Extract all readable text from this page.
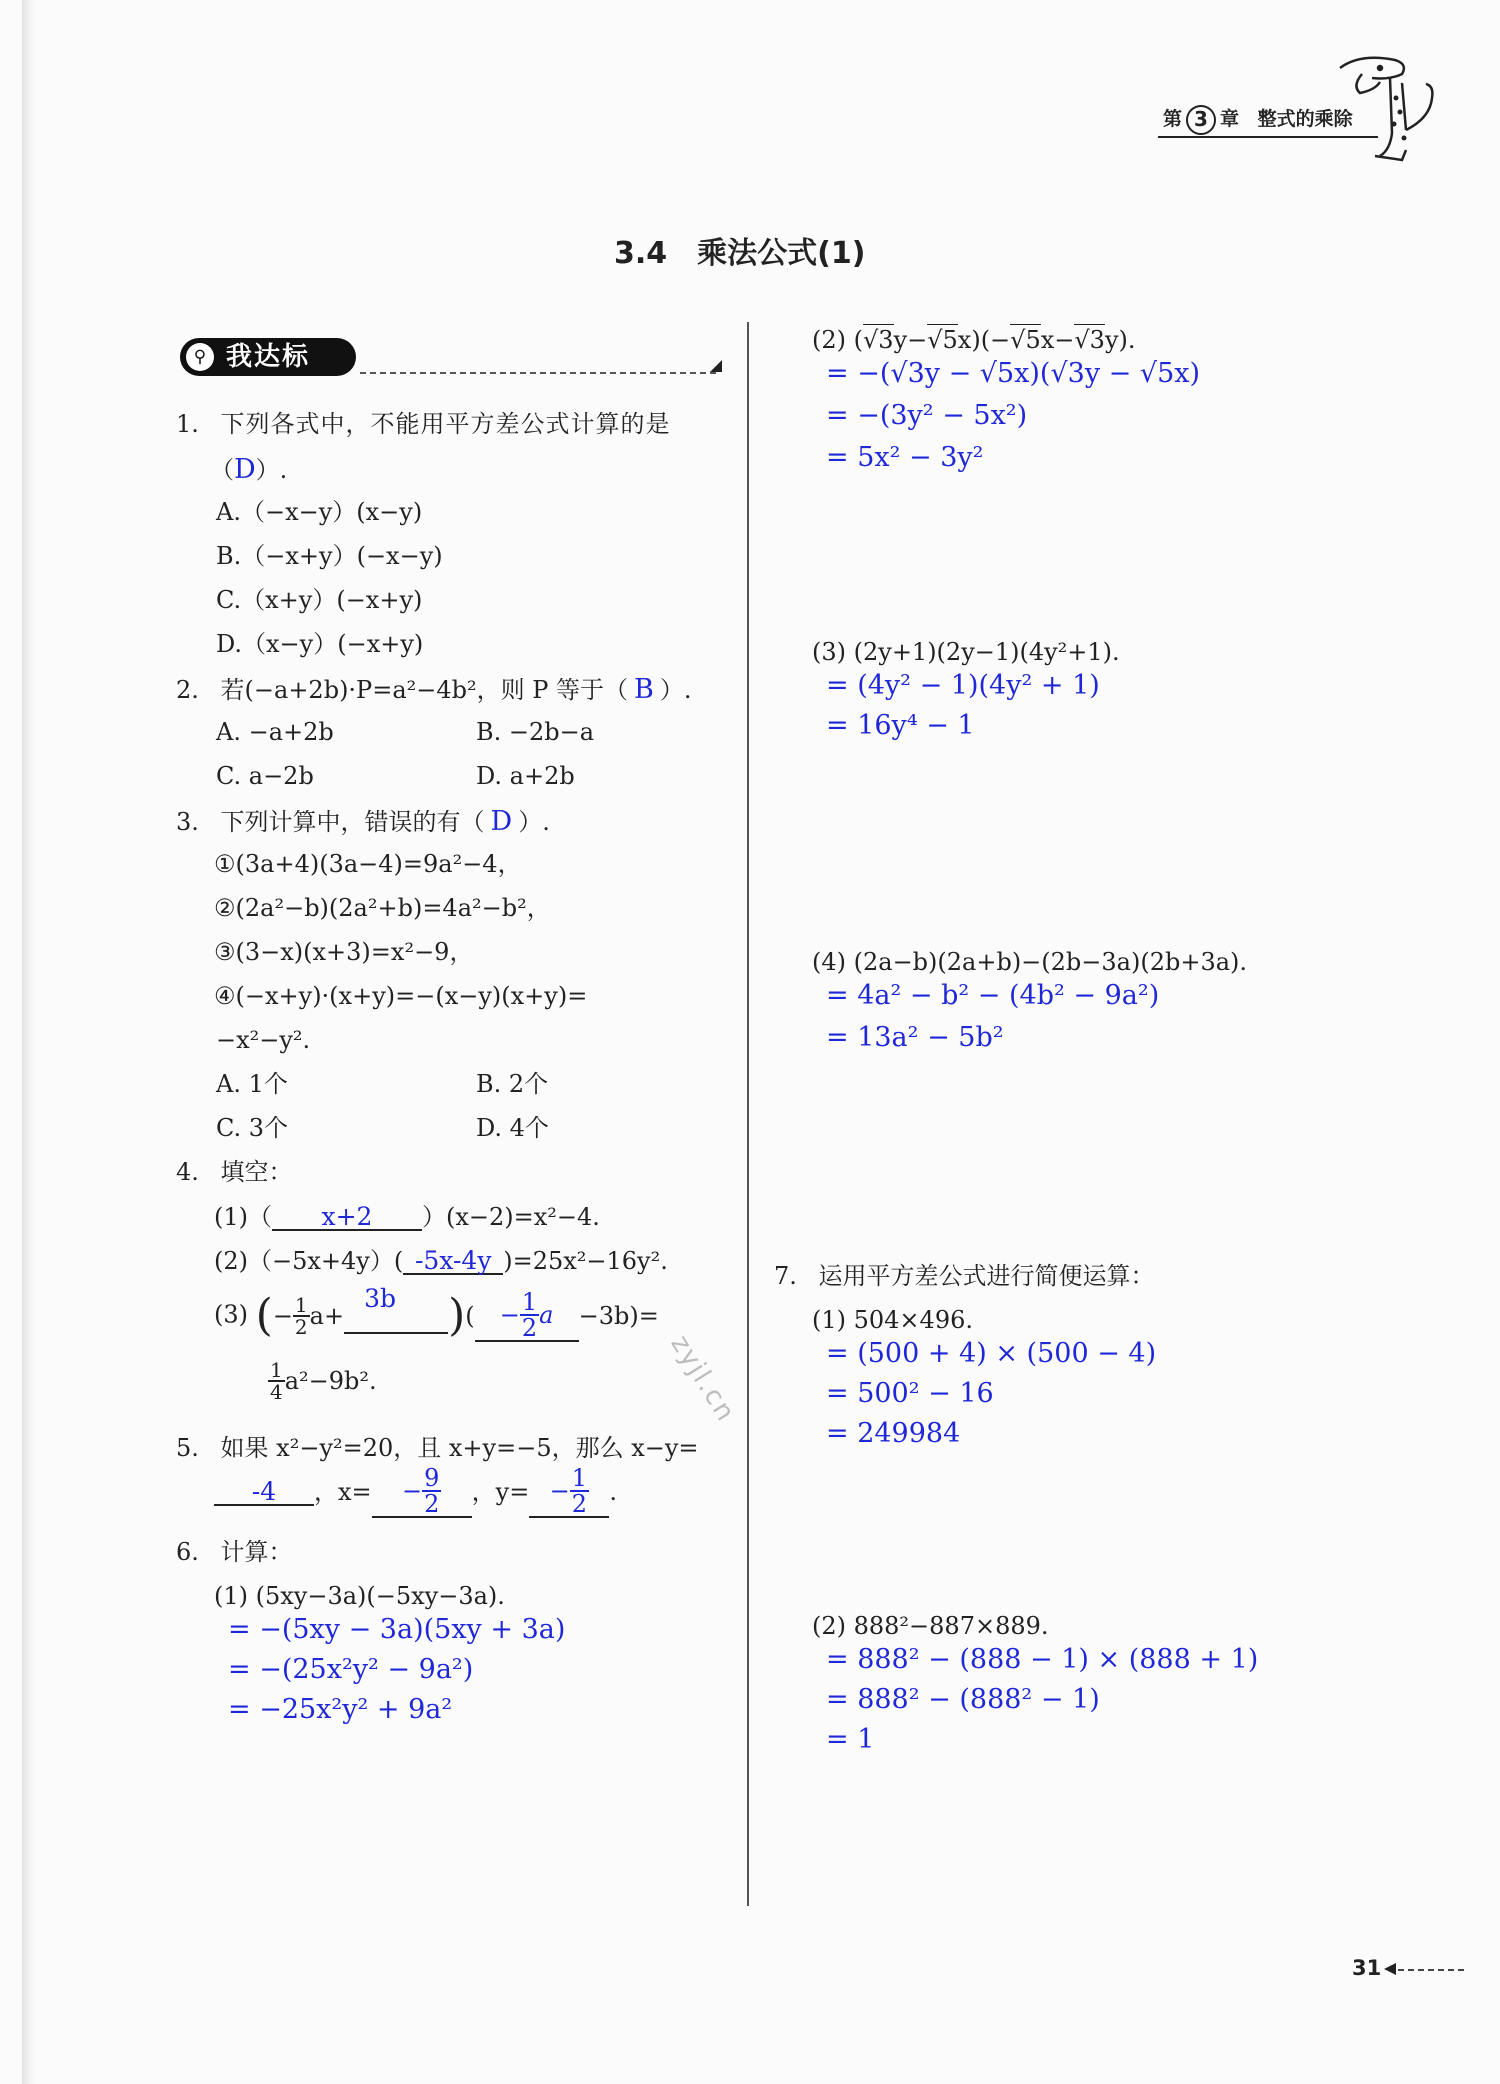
第 3 章 整式的乘除
3.4　乘法公式(1)
⚲ 我达标
1. 下列各式中，不能用平方差公式计算的是
（D）.
A.（−x−y）(x−y)
B.（−x+y）(−x−y)
C.（x+y）(−x+y)
D.（x−y）(−x+y)
2. 若(−a+2b)·P=a²−4b²，则 P 等于（ B ）.
A. −a+2b	B. −2b−a
C. a−2b	D. a+2b
3. 下列计算中，错误的有（ D ）.
①(3a+4)(3a−4)=9a²−4，
②(2a²−b)(2a²+b)=4a²−b²，
③(3−x)(x+3)=x²−9，
④(−x+y)·(x+y)=−(x−y)(x+y)=
−x²−y².
A. 1个	B. 2个
C. 3个	D. 4个
4. 填空：
(1)（ x+2 ）(x−2)=x²−4.
(2)（−5x+4y）( -5x-4y )=25x²−16y².
(3) (− $\frac{1}{2} a+$
3b )( − $\frac{1}{2}$ a −3b)=
$\frac{1}{4} a^2-9b^2$.
5. 如果 x²−y²=20，且 x+y=−5，那么 x−y=
-4 ，$x= - \frac{9}{2}$ ，$y= - \frac{1}{2}$ .
6. 计算：
(1) (5xy−3a)(−5xy−3a).
= −(5xy − 3a)(5xy + 3a)
= −(25x²y² − 9a²)
= −25x²y² + 9a²
(2) (√3y−√5x)(−√5x−√3y).
= −(√3y − √5x)(√3y − √5x)
= −(3y² − 5x²)
= 5x² − 3y²
(3) (2y+1)(2y−1)(4y²+1).
= (4y² − 1)(4y² + 1)
= 16y⁴ − 1
(4) (2a−b)(2a+b)−(2b−3a)(2b+3a).
= 4a² − b² − (4b² − 9a²)
= 13a² − 5b²
7. 运用平方差公式进行简便运算：
(1) 504×496.
= (500 + 4) × (500 − 4)
= 500² − 16
= 249984
(2) 888²−887×889.
= 888² − (888 − 1) × (888 + 1)
= 888² − (888² − 1)
= 1
zyjl.cn
31
